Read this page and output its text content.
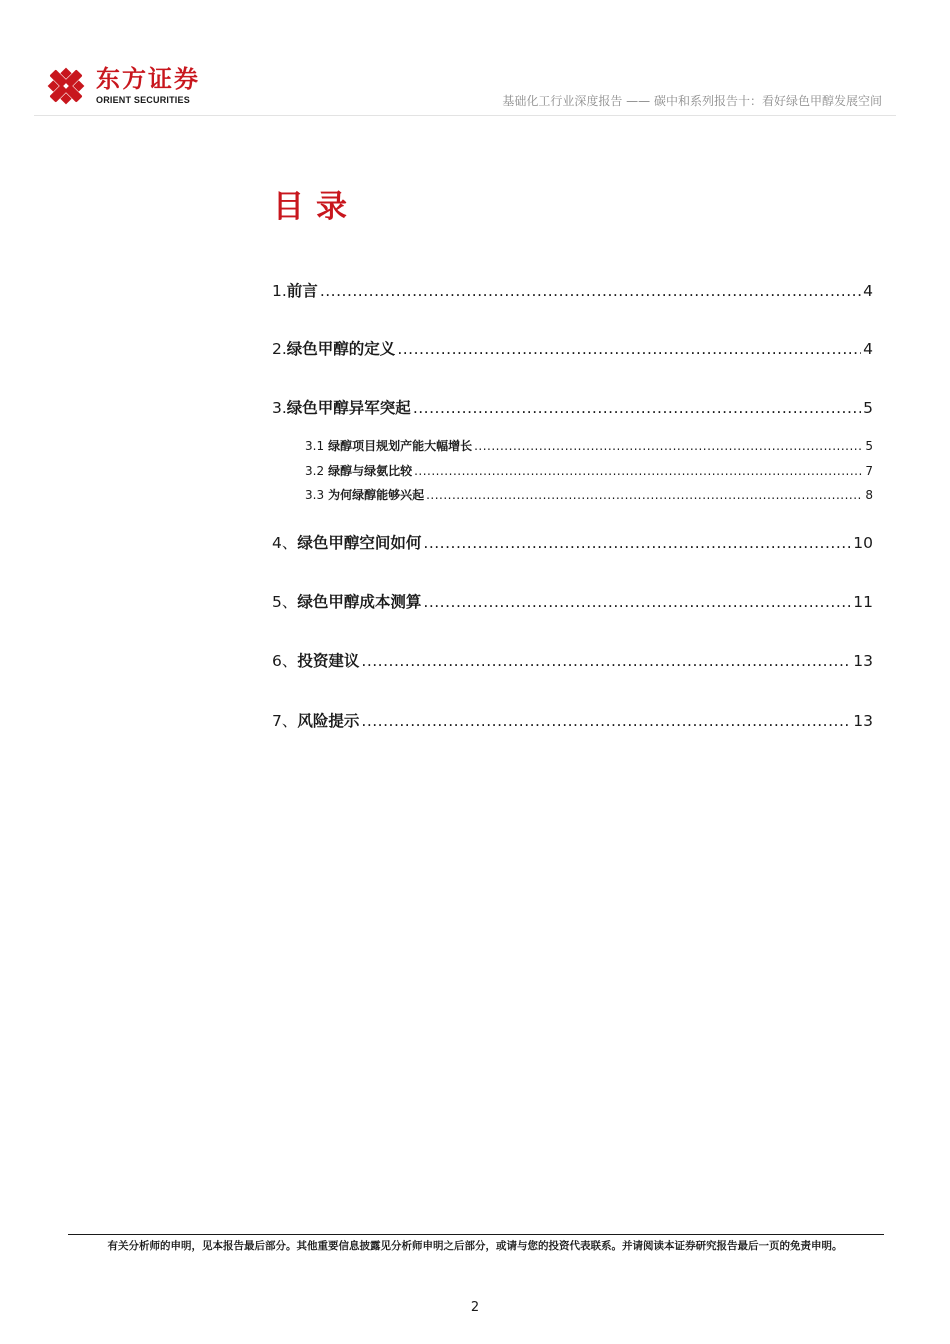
东方证券
ORIENT SECURITIES	基础化工行业深度报告 —— 碳中和系列报告十：看好绿色甲醇发展空间
目录
1. 前言 .....	4
2. 绿色甲醇的定义 .....	4
3. 绿色甲醇异军突起 .....	5
3.1 绿醇项目规划产能大幅增长 .....	5
3.2 绿醇与绿氨比较 .....	7
3.3 为何绿醇能够兴起 .....	8
4、 绿色甲醇空间如何 .....	10
5、 绿色甲醇成本测算 .....	11
6、 投资建议 .....	13
7、 风险提示 .....	13
有关分析师的申明，见本报告最后部分。其他重要信息披露见分析师申明之后部分，或请与您的投资代表联系。并请阅读本证券研究报告最后一页的免责申明。
2
